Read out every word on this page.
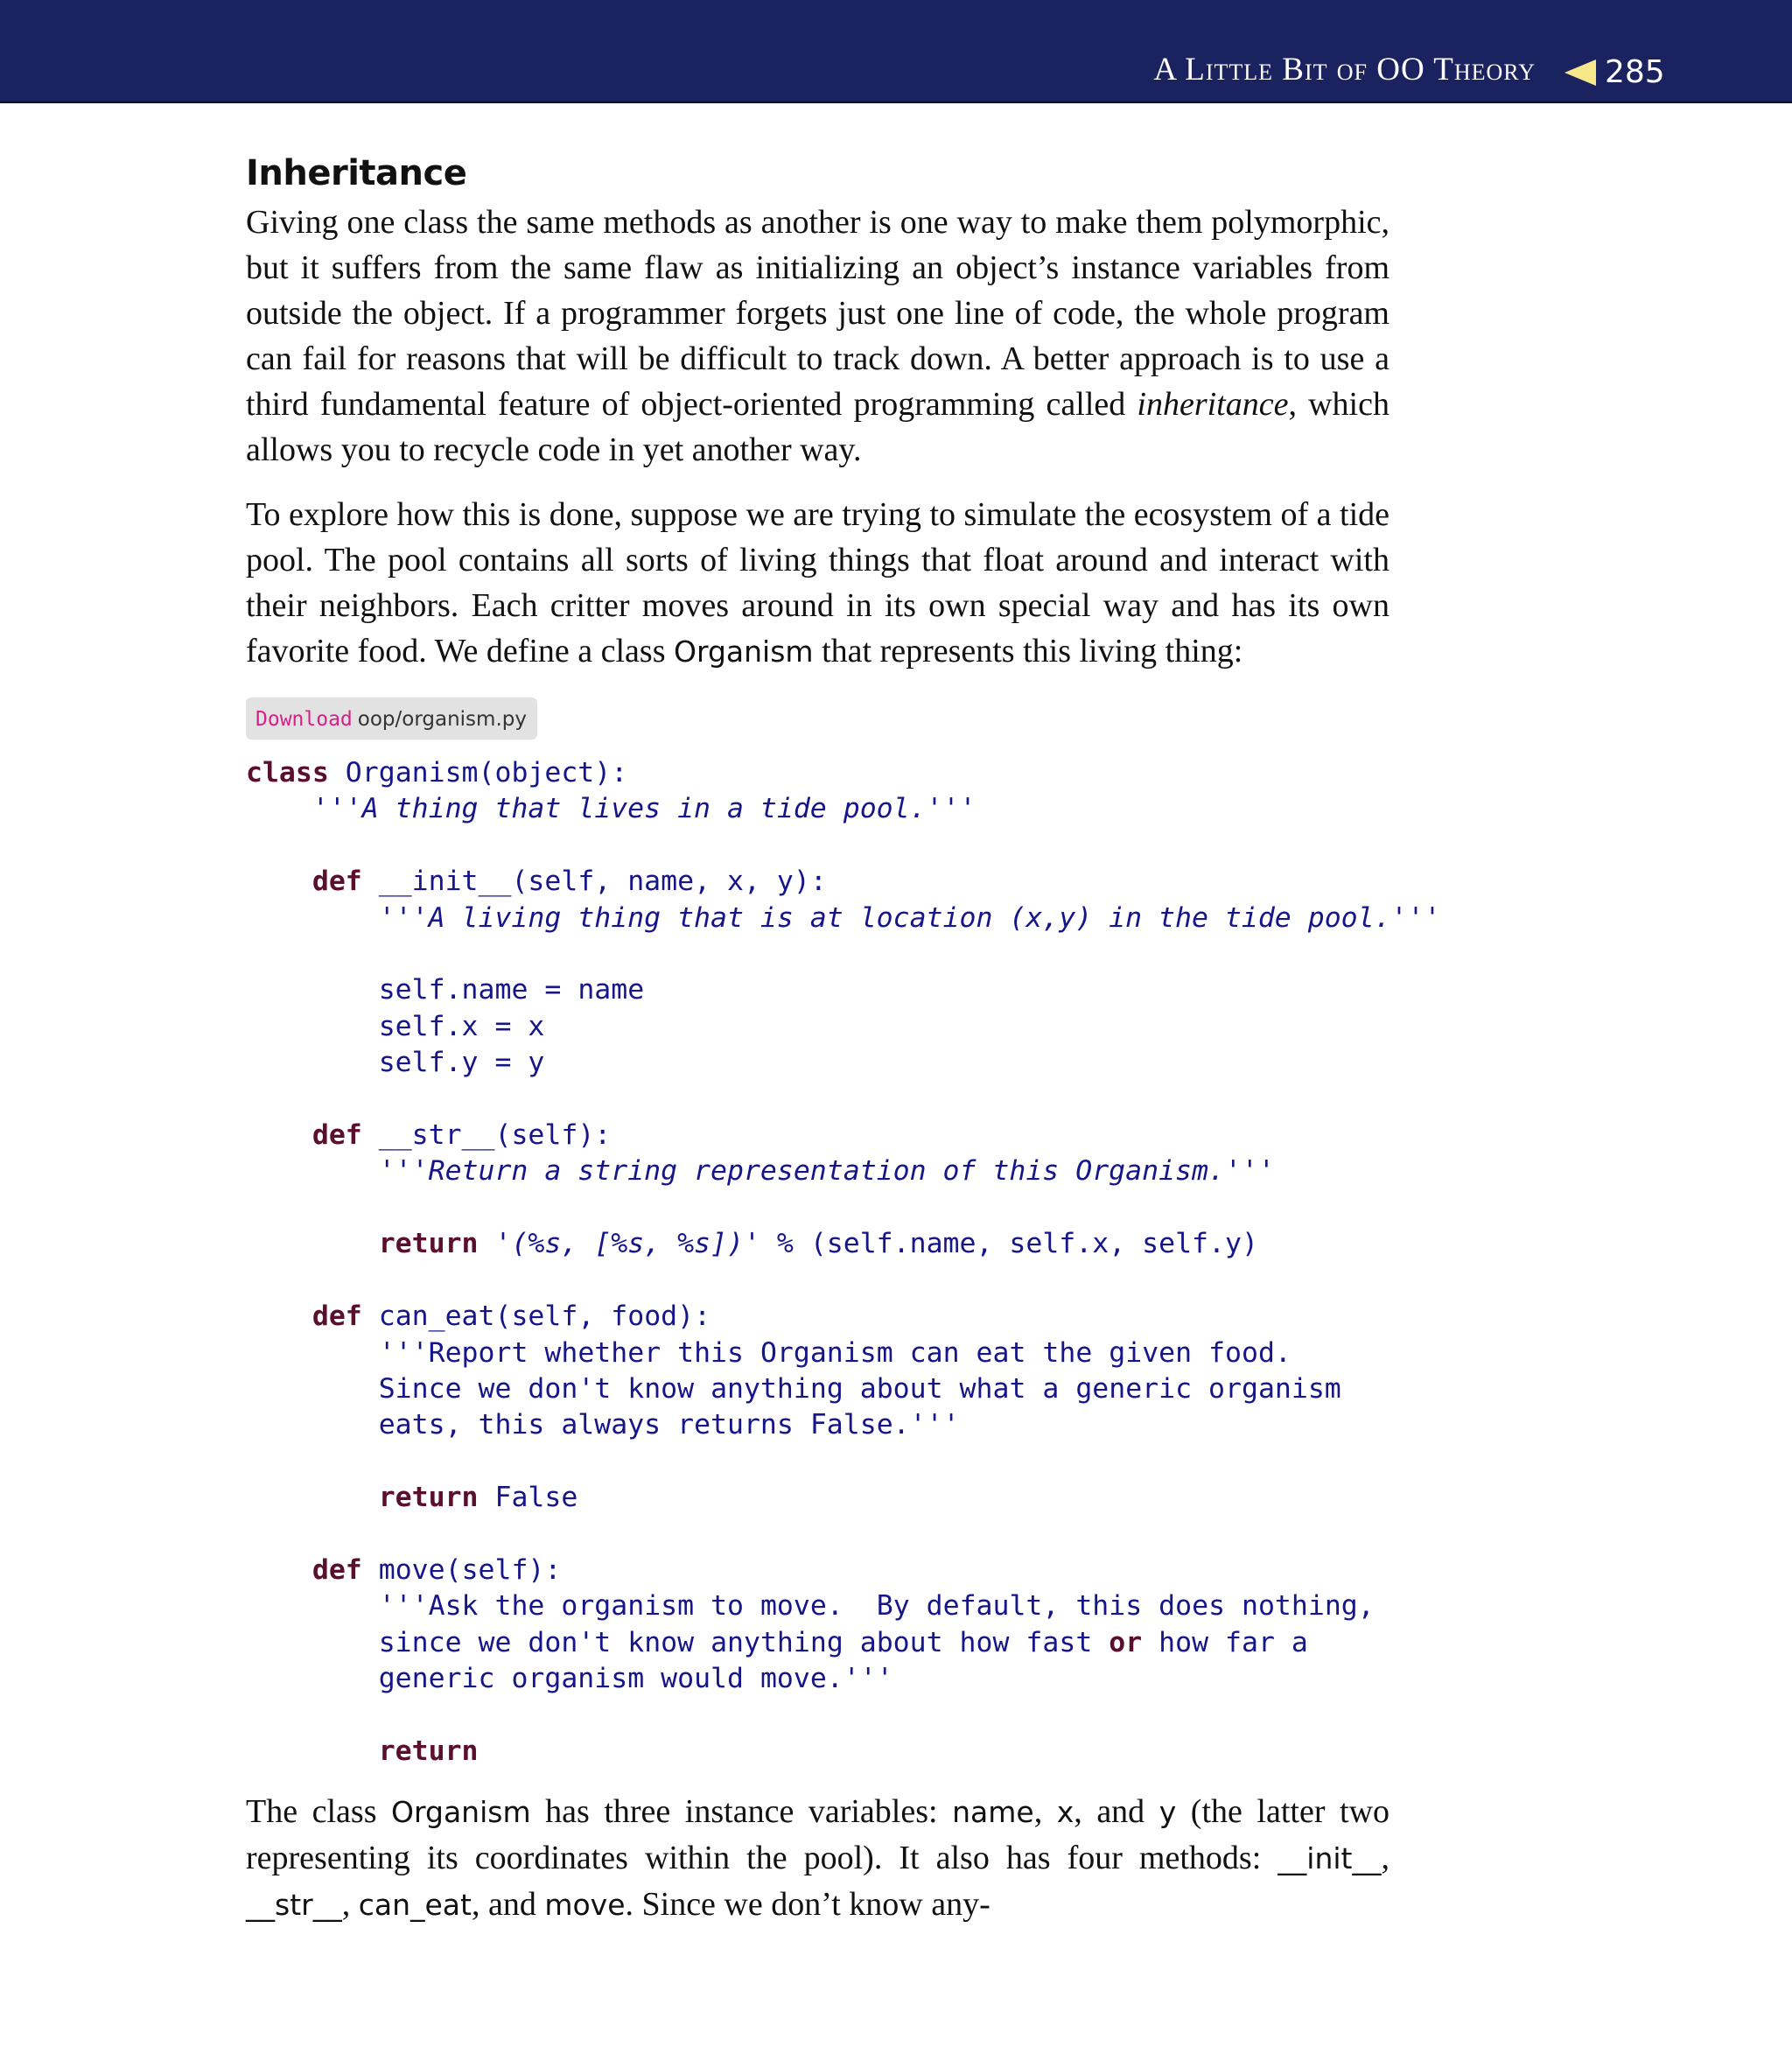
A Little Bit of OO Theory 285
Inheritance

Giving one class the same methods as another is one way to make them polymorphic, but it suffers from the same flaw as initializing an object’s instance variables from outside the object. If a programmer forgets just one line of code, the whole program can fail for reasons that will be difficult to track down. A better approach is to use a third fundamental feature of object-oriented programming called inheritance, which allows you to recycle code in yet another way.

To explore how this is done, suppose we are trying to simulate the ecosystem of a tide pool. The pool contains all sorts of living things that float around and interact with their neighbors. Each critter moves around in its own special way and has its own favorite food. We define a class Organism that represents this living thing:

Download oop/organism.py
class Organism(object):
'''A thing that lives in a tide pool.'''

def __init__(self, name, x, y):
'''A living thing that is at location (x,y) in the tide pool.'''

self.name = name
self.x = x
self.y = y

def __str__(self):
'''Return a string representation of this Organism.'''

return '(%s, [%s, %s])' % (self.name, self.x, self.y)

def can_eat(self, food):
'''Report whether this Organism can eat the given food.
Since we don't know anything about what a generic organism
eats, this always returns False.'''

return False

def move(self):
'''Ask the organism to move.  By default, this does nothing,
since we don't know anything about how fast or how far a
generic organism would move.'''

return

The class Organism has three instance variables: name, x, and y (the latter two representing its coordinates within the pool). It also has four methods: __init__, __str__, can_eat, and move. Since we don’t know any-
